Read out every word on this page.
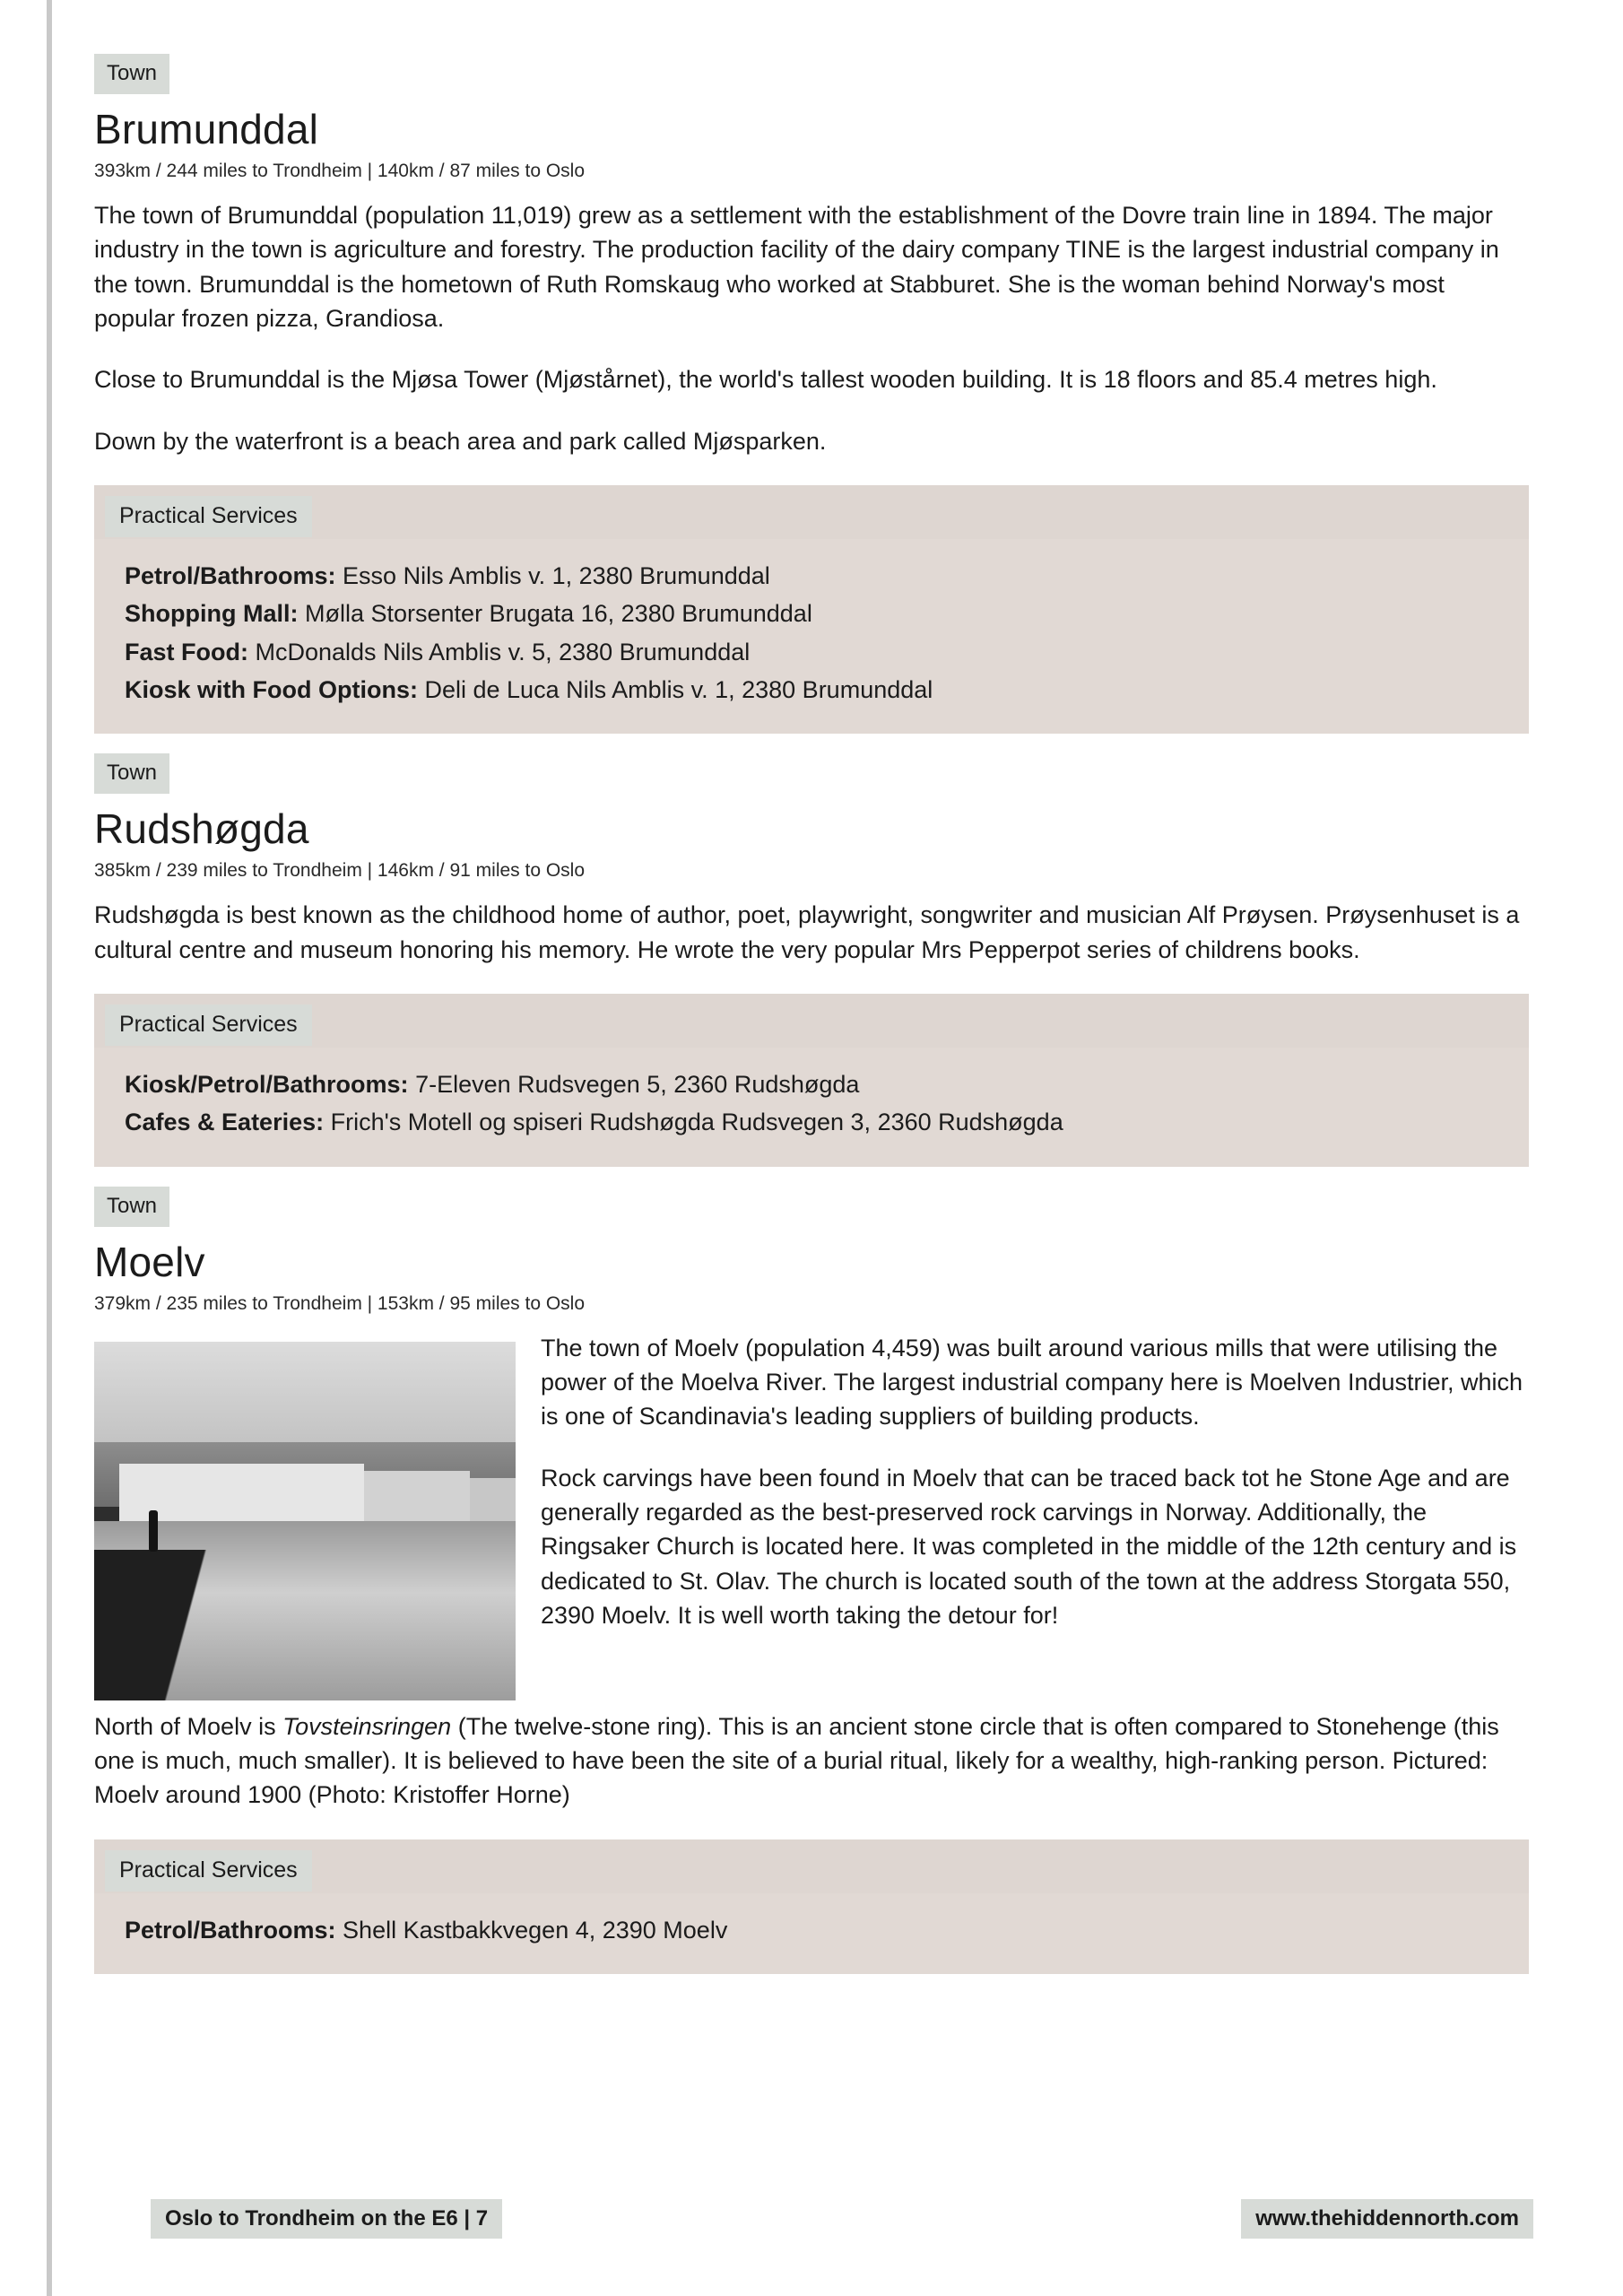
Town
Brumunddal
393km / 244 miles to Trondheim | 140km / 87 miles to Oslo

The town of Brumunddal (population 11,019) grew as a settlement with the establishment of the Dovre train line in 1894. The major industry in the town is agriculture and forestry. The production facility of the dairy company TINE is the largest industrial company in the town. Brumunddal is the hometown of Ruth Romskaug who worked at Stabburet. She is the woman behind Norway's most popular frozen pizza, Grandiosa.

Close to Brumunddal is the Mjøsa Tower (Mjøstårnet), the world's tallest wooden building. It is 18 floors and 85.4 metres high.

Down by the waterfront is a beach area and park called Mjøsparken.

Practical Services
Petrol/Bathrooms: Esso Nils Amblis v. 1, 2380 Brumunddal
Shopping Mall: Mølla Storsenter Brugata 16, 2380 Brumunddal
Fast Food: McDonalds Nils Amblis v. 5, 2380 Brumunddal
Kiosk with Food Options: Deli de Luca Nils Amblis v. 1, 2380 Brumunddal
Town
Rudshøgda
385km / 239 miles to Trondheim | 146km / 91 miles to Oslo

Rudshøgda is best known as the childhood home of author, poet, playwright, songwriter and musician Alf Prøysen. Prøysenhuset is a cultural centre and museum honoring his memory. He wrote the very popular Mrs Pepperpot series of childrens books.

Practical Services
Kiosk/Petrol/Bathrooms: 7-Eleven Rudsvegen 5, 2360 Rudshøgda
Cafes & Eateries: Frich's Motell og spiseri Rudshøgda Rudsvegen 3, 2360 Rudshøgda
Town
Moelv
379km / 235 miles to Trondheim | 153km / 95 miles to Oslo

The town of Moelv (population 4,459) was built around various mills that were utilising the power of the Moelva River. The largest industrial company here is Moelven Industrier, which is one of Scandinavia's leading suppliers of building products.

Rock carvings have been found in Moelv that can be traced back tot he Stone Age and are generally regarded as the best-preserved rock carvings in Norway. Additionally, the Ringsaker Church is located here. It was completed in the middle of the 12th century and is dedicated to St. Olav. The church is located south of the town at the address Storgata 550, 2390 Moelv. It is well worth taking the detour for!

North of Moelv is Tovsteinsringen (The twelve-stone ring). This is an ancient stone circle that is often compared to Stonehenge (this one is much, much smaller). It is believed to have been the site of a burial ritual, likely for a wealthy, high-ranking person. Pictured: Moelv around 1900 (Photo: Kristoffer Horne)

Practical Services
Petrol/Bathrooms: Shell Kastbakkvegen 4, 2390 Moelv
Oslo to Trondheim on the E6 | 7	www.thehiddennorth.com
